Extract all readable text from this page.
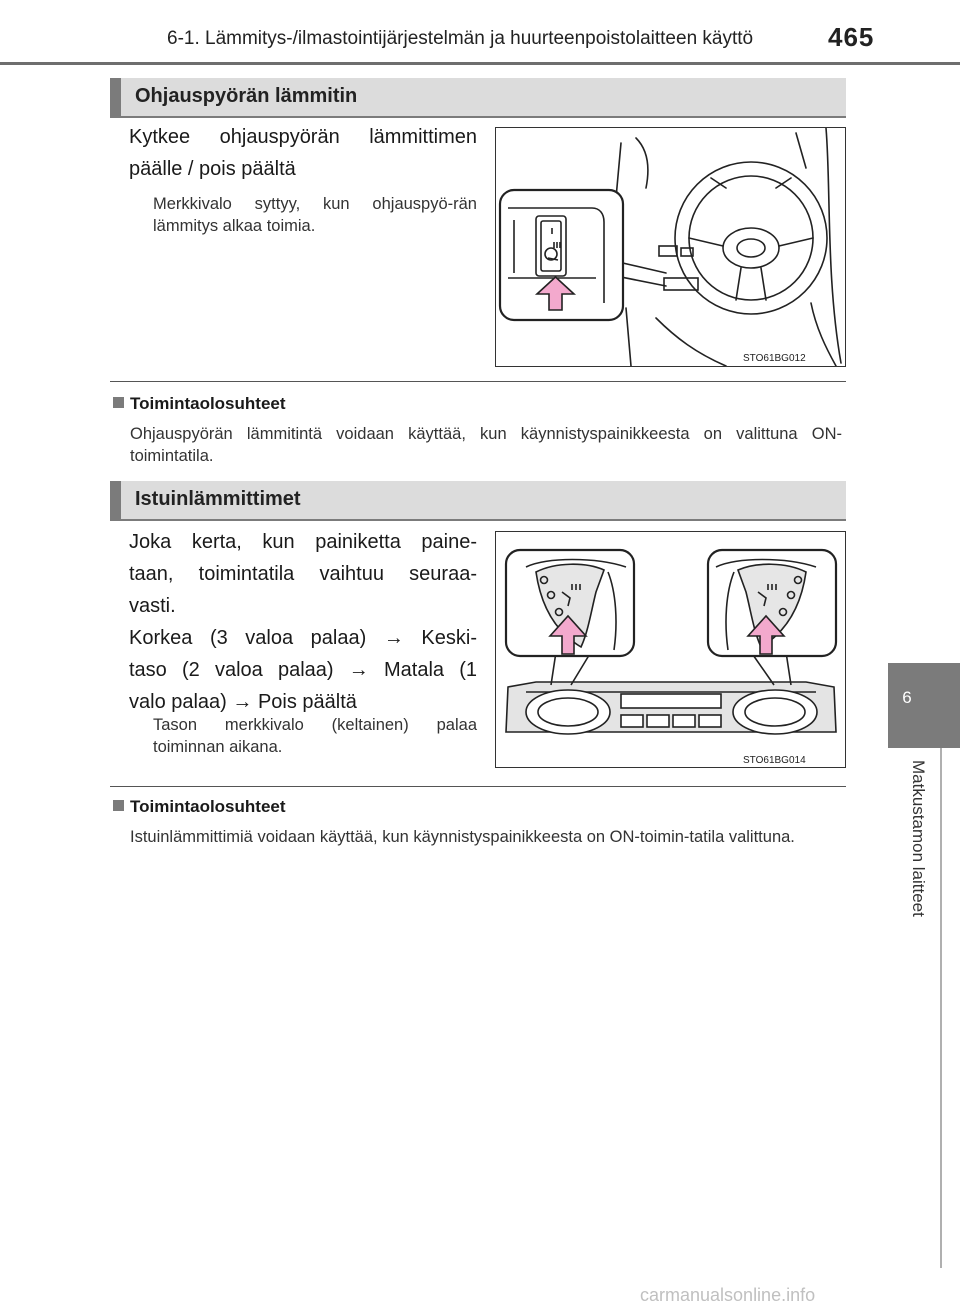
6-1. Lämmitys-/ilmastointijärjestelmän ja huurteenpoistolaitteen käyttö	465
6
Matkustamon laitteet
Ohjauspyörän lämmitin

Kytkee ohjauspyörän lämmittimen

päälle / pois päältä

Merkkivalo syttyy, kun ohjauspyö-rän lämmitys alkaa toimia.
STO61BG012
Toimintaolosuhteet
Ohjauspyörän lämmitintä voidaan käyttää, kun käynnistyspainikkeesta on valittuna ON-toimintatila.
Istuinlämmittimet

Joka kerta, kun painiketta paine-

taan, toimintatila vaihtuu seuraa-

vasti.

Korkea (3 valoa palaa) → Keski-

taso (2 valoa palaa) → Matala (1

valo palaa) → Pois päältä

Tason merkkivalo (keltainen) palaa toiminnan aikana.
STO61BG014
Toimintaolosuhteet
Istuinlämmittimiä voidaan käyttää, kun käynnistyspainikkeesta on ON-toimin-tatila valittuna.
carmanualsonline.info
